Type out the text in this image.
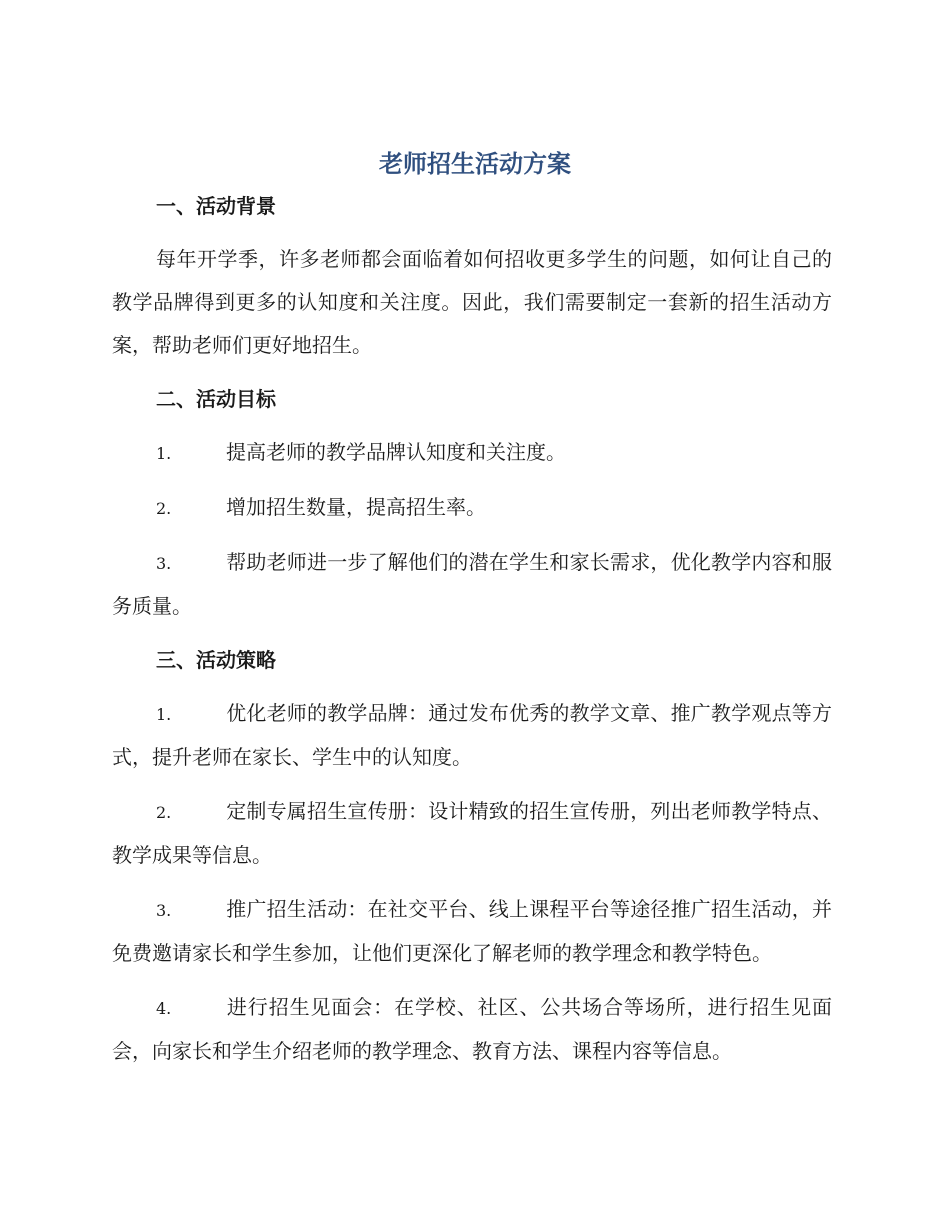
老师招生活动方案

一、活动背景

每年开学季，许多老师都会面临着如何招收更多学生的问题，如何让自己的教学品牌得到更多的认知度和关注度。因此，我们需要制定一套新的招生活动方案，帮助老师们更好地招生。

二、活动目标

1.	提高老师的教学品牌认知度和关注度。

2.	增加招生数量，提高招生率。

3.	帮助老师进一步了解他们的潜在学生和家长需求，优化教学内容和服务质量。

三、活动策略

1.	优化老师的教学品牌：通过发布优秀的教学文章、推广教学观点等方式，提升老师在家长、学生中的认知度。

2.	定制专属招生宣传册：设计精致的招生宣传册，列出老师教学特点、教学成果等信息。

3.	推广招生活动：在社交平台、线上课程平台等途径推广招生活动，并免费邀请家长和学生参加，让他们更深化了解老师的教学理念和教学特色。

4.	进行招生见面会：在学校、社区、公共场合等场所，进行招生见面会，向家长和学生介绍老师的教学理念、教育方法、课程内容等信息。
